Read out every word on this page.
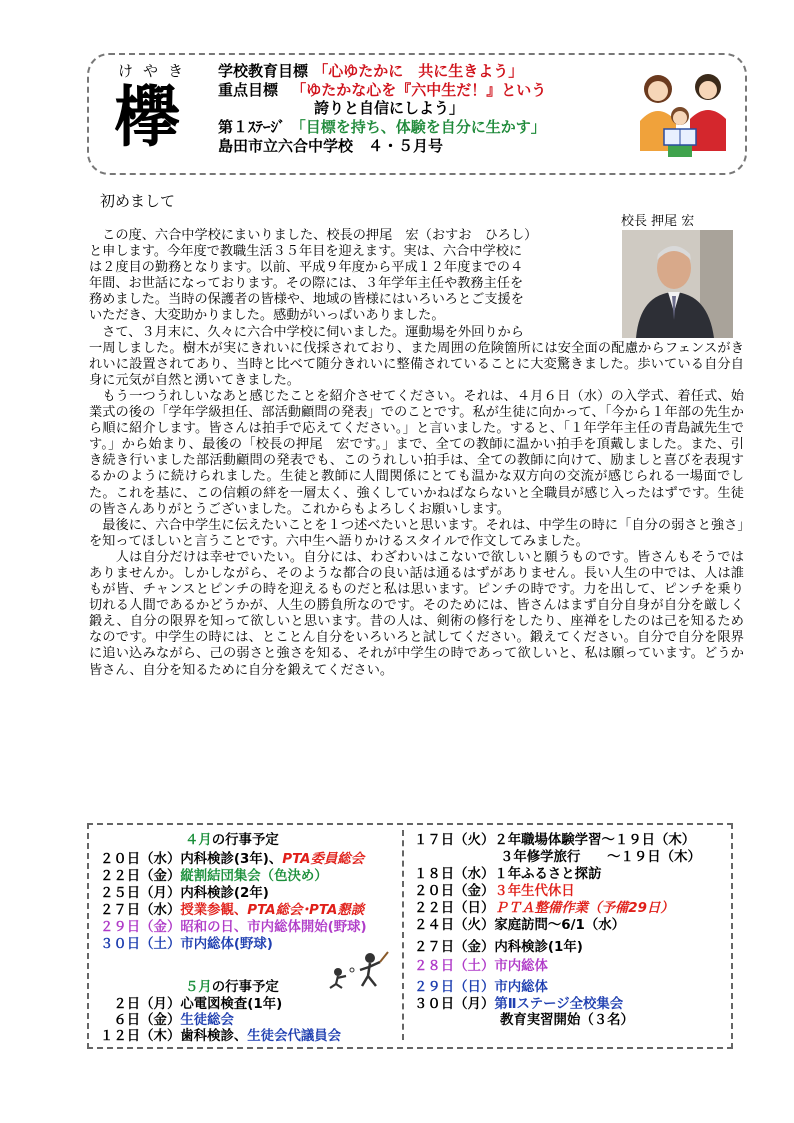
けやき
欅
学校教育目標 「心ゆたかに　共に生きよう」
重点目標 「ゆたかな心を『六中生だ！』という
誇りと自信にしよう」
第１ｽﾃｰｼﾞ 「目標を持ち、体験を自分に生かす」
島田市立六合中学校　４・５月号
初めまして
校長 押尾 宏

　この度、六合中学校にまいりました、校長の押尾　宏（おすお　ひろし）

と申します。今年度で教職生活３５年目を迎えます。実は、六合中学校に

は２度目の勤務となります。以前、平成９年度から平成１２年度までの４

年間、お世話になっております。その際には、３年学年主任や教務主任を

務めました。当時の保護者の皆様や、地域の皆様にはいろいろとご支援を

いただき、大変助かりました。感動がいっぱいありました。

　さて、３月末に、久々に六合中学校に伺いました。運動場を外回りから

一周しました。樹木が実にきれいに伐採されており、また周囲の危険箇所には安全面の配慮からフェンスがきれいに設置されてあり、当時と比べて随分きれいに整備されていることに大変驚きました。歩いている自分自身に元気が自然と湧いてきました。

　もう一つうれしいなあと感じたことを紹介させてください。それは、４月６日（水）の入学式、着任式、始業式の後の「学年学級担任、部活動顧問の発表」でのことです。私が生徒に向かって、「今から１年部の先生から順に紹介します。皆さんは拍手で応えてください。」と言いました。すると、「１年学年主任の青島誠先生です。」から始まり、最後の「校長の押尾　宏です。」まで、全ての教師に温かい拍手を頂戴しました。また、引き続き行いました部活動顧問の発表でも、このうれしい拍手は、全ての教師に向けて、励ましと喜びを表現するかのように続けられました。生徒と教師に人間関係にとても温かな双方向の交流が感じられる一場面でした。これを基に、この信頼の絆を一層太く、強くしていかねばならないと全職員が感じ入ったはずです。生徒の皆さんありがとうございました。これからもよろしくお願いします。

　最後に、六合中学生に伝えたいことを１つ述べたいと思います。それは、中学生の時に「自分の弱さと強さ」を知ってほしいと言うことです。六中生へ語りかけるスタイルで作文してみました。

　　人は自分だけは幸せでいたい。自分には、わざわいはこないで欲しいと願うものです。皆さんもそうではありませんか。しかしながら、そのような都合の良い話は通るはずがありません。長い人生の中では、人は誰もが皆、チャンスとピンチの時を迎えるものだと私は思います。ピンチの時です。力を出して、ピンチを乗り切れる人間であるかどうかが、人生の勝負所なのです。そのためには、皆さんはまず自分自身が自分を厳しく鍛え、自分の限界を知って欲しいと思います。昔の人は、剣術の修行をしたり、座禅をしたのは己を知るためなのです。中学生の時には、とことん自分をいろいろと試してください。鍛えてください。自分で自分を限界に追い込みながら、己の弱さと強さを知る、それが中学生の時であって欲しいと、私は願っています。どうか皆さん、自分を知るために自分を鍛えてください。

４月の行事予定
２０日（水）内科検診(3年)、PTA委員総会
２２日（金）縦割結団集会（色決め）
２５日（月）内科検診(2年)
２７日（水）授業参観、PTA総会･PTA懇談
２９日（金）昭和の日、市内総体開始(野球)
３０日（土）市内総体(野球)
５月の行事予定
　２日（月）心電図検査(1年)
　６日（金）生徒総会
１２日（木）歯科検診、生徒会代議員会
１７日（火）２年職場体験学習～１９日（木）
３年修学旅行　　～１９日（木）
１８日（水）１年ふるさと探訪
２０日（金）３年生代休日
２２日（日）ＰＴＡ整備作業（予備29日）
２４日（火）家庭訪問～6/1（水）
２７日（金）内科検診(1年)
２８日（土）市内総体
２９日（日）市内総体
３０日（月）第Ⅱステージ全校集会
教育実習開始（３名）
